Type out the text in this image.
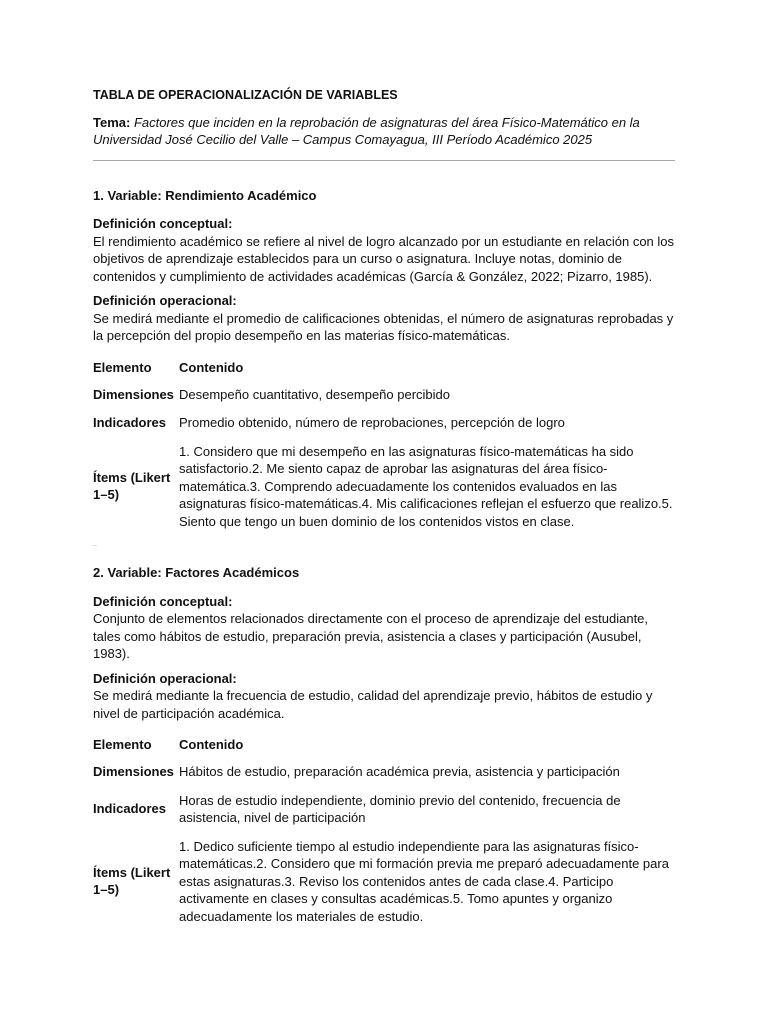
TABLA DE OPERACIONALIZACIÓN DE VARIABLES

Tema: Factores que inciden en la reprobación de asignaturas del área Físico-Matemático en la Universidad José Cecilio del Valle – Campus Comayagua, III Período Académico 2025

1. Variable: Rendimiento Académico
Definición conceptual:
El rendimiento académico se refiere al nivel de logro alcanzado por un estudiante en relación con los objetivos de aprendizaje establecidos para un curso o asignatura. Incluye notas, dominio de contenidos y cumplimiento de actividades académicas (García & González, 2022; Pizarro, 1985).
Definición operacional:
Se medirá mediante el promedio de calificaciones obtenidas, el número de asignaturas reprobadas y la percepción del propio desempeño en las materias físico-matemáticas.
Elemento	Contenido
Dimensiones	Desempeño cuantitativo, desempeño percibido
Indicadores	Promedio obtenido, número de reprobaciones, percepción de logro
Ítems (Likert 1–5)	1. Considero que mi desempeño en las asignaturas físico-matemáticas ha sido satisfactorio.2. Me siento capaz de aprobar las asignaturas del área físico-matemática.3. Comprendo adecuadamente los contenidos evaluados en las asignaturas físico-matemáticas.4. Mis calificaciones reflejan el esfuerzo que realizo.5. Siento que tengo un buen dominio de los contenidos vistos en clase.
2. Variable: Factores Académicos
Definición conceptual:
Conjunto de elementos relacionados directamente con el proceso de aprendizaje del estudiante, tales como hábitos de estudio, preparación previa, asistencia a clases y participación (Ausubel, 1983).
Definición operacional:
Se medirá mediante la frecuencia de estudio, calidad del aprendizaje previo, hábitos de estudio y nivel de participación académica.
Elemento	Contenido
Dimensiones	Hábitos de estudio, preparación académica previa, asistencia y participación
Indicadores	Horas de estudio independiente, dominio previo del contenido, frecuencia de asistencia, nivel de participación
Ítems (Likert 1–5)	1. Dedico suficiente tiempo al estudio independiente para las asignaturas físico-matemáticas.2. Considero que mi formación previa me preparó adecuadamente para estas asignaturas.3. Reviso los contenidos antes de cada clase.4. Participo activamente en clases y consultas académicas.5. Tomo apuntes y organizo adecuadamente los materiales de estudio.
